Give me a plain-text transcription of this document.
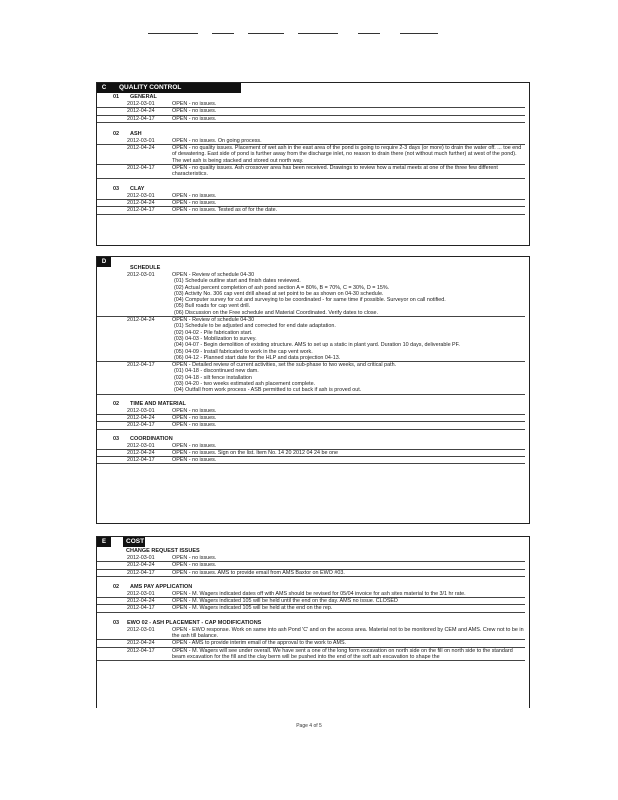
C	QUALITY CONTROL
01 GENERAL
2012-03-01	OPEN - no issues.
2012-04-24	OPEN - no issues.
2012-04-17	OPEN - no issues.
02 ASH
2012-03-01	OPEN - no issues. On going process.
2012-04-24	OPEN - no quality issues. Placement of wet ash in the east area of the pond is going to require 2-3 days (or more) to drain the water off. ... toe end of dewatering. East side of pond is further away from the discharge inlet, no reason to drain there (not without much further) at west of the pond). The wet ash is being stacked and stored out north way.
2012-04-17	OPEN - no quality issues. Ash crossover area has been received. Drawings to review how a metal meets at one of the three few different characteristics.
03 CLAY
2012-03-01	OPEN - no issues.
2012-04-24	OPEN - no issues.
2012-04-17	OPEN - no issues. Tested as of for the date.
D
SCHEDULE
2012-03-01	OPEN - Review of schedule 04-30
(01) Schedule outline start and finish dates reviewed.
(02) Actual percent completion of ash pond section A = 80%, B = 70%, C = 30%, D = 15%.
(03) Activity No. 306 cap vent drill ahead at set point to be as shown on 04-30 schedule.
(04) Computer survey for cut and surveying to be coordinated - for same time if possible. Surveyor on call notified.
(05) Bull roads for cap vent drill.
(06) Discussion on the Free schedule and Material Coordinated. Verify dates to close.
2012-04-24	OPEN - Review of schedule 04-30
(01) Schedule to be adjusted and corrected for end date adaptation.
(02) 04-02 - Pile fabrication start.
(03) 04-03 - Mobilization to survey.
(04) 04-07 - Begin demolition of existing structure. AMS to set up a static in plant yard. Duration 10 days, deliverable PF.
(05) 04-09 - Install fabricated to work in the cap vent work.
(06) 04-12 - Planned start date for the HLP and data projection 04-13.
2012-04-17	OPEN - Detailed review of current activities, set the sub-phase to two weeks, and critical path.
(01) 04-18 - discontinued new dam.
(02) 04-18 - silt fence installation
(03) 04-20 - two weeks estimated ash placement complete.
(04) Outfall from work process - ASB permitted to cut back if ash is proved out.
02 TIME AND MATERIAL
2012-03-01	OPEN - no issues.
2012-04-24	OPEN - no issues.
2012-04-17	OPEN - no issues.
03 COORDINATION
2012-03-01	OPEN - no issues.
2012-04-24	OPEN - no issues. Sign on the list. Item No. 14 20 2012 04 24 be one
2012-04-17	OPEN - no issues.
E	COST
CHANGE REQUEST ISSUES
2012-03-01	OPEN - no issues.
2012-04-24	OPEN - no issues.
2012-04-17	OPEN - no issues. AMS to provide email from AMS Baxtor on EWO #03.
02 AMS PAY APPLICATION
2012-03-01	OPEN - M. Wagers indicated dates off with AMS should be revised for 05/04 invoice for ash sites material to the 3/1 hr rate.
2012-04-24	OPEN - M. Wagers indicated 105 will be held until the end on the day. AMS no issue. CLOSED
2012-04-17	OPEN - M. Wagers indicated 105 will be held at the end on the rep.
03 EWO 02 - ASH PLACEMENT - CAP MODIFICATIONS
2012-03-01	OPEN - EWO response. Work on same into ash Pond 'C' and on the access area. Material not to be monitored by CEM and AMS. Crew not to be in the ash till balance.
2012-04-24	OPEN - AMS to provide interim email of the approval to the work to AMS.
2012-04-17	OPEN - M. Wagers will see under overall. We have sent a one of the long form excavation on north side on the fill on north side to the standard beam excavation for the fill and the clay berm will be pushed into the end of the soft ash excavation to shape the
Page 4 of 5
